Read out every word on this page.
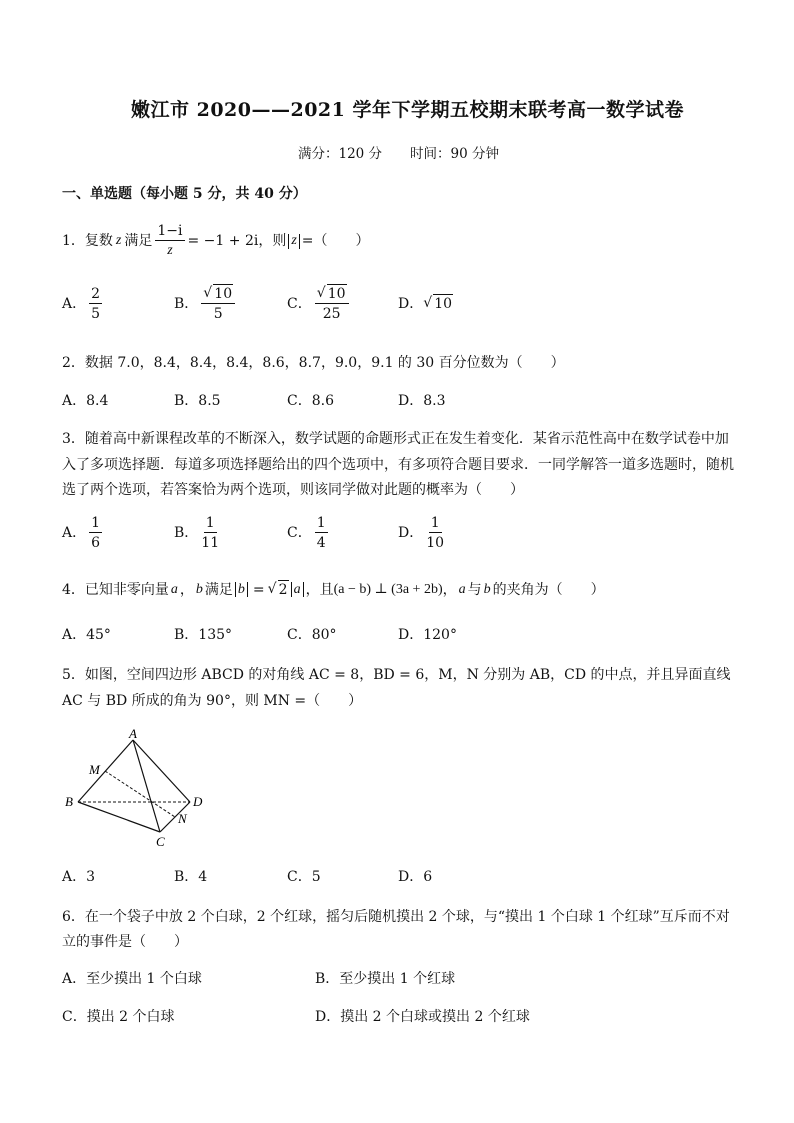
嫩江市 2020——2021 学年下学期五校期末联考高一数学试卷
满分：120 分 时间：90 分钟
一、单选题（每小题 5 分，共 40 分）
1．复数 z 满足 $\frac{1-i}{z} = -1 + 2i$，则 z =（　　）
A． $\frac{2}{5}$	B． $\frac{√ 10}{5}$	C． $\frac{√ 10}{25}$	D． √ 10
2．数据 7.0，8.4，8.4，8.4，8.6，8.7，9.0，9.1 的 30 百分位数为（　　）
A．8.4	B．8.5	C．8.6	D．8.3
3．随着高中新课程改革的不断深入，数学试题的命题形式正在发生着变化．某省示范性高中在数学试卷中加
入了多项选择题．每道多项选择题给出的四个选项中，有多项符合题目要求．一同学解答一道多选题时，随机
选了两个选项，若答案恰为两个选项，则该同学做对此题的概率为（　　）
A． $\frac{1}{6}$	B． $\frac{1}{11}$	C． $\frac{1}{4}$	D． $\frac{1}{10}$
4．已知非零向量 a ， b 满足 b = √ 2 a ，且 (a − b) ⊥ (3a + 2b) ， a 与 b 的夹角为（　　）
A．45°	B．135°	C．80°	D．120°
5．如图，空间四边形 ABCD 的对角线 AC = 8，BD = 6，M，N 分别为 AB，CD 的中点，并且异面直线
AC 与 BD 所成的角为 90°，则 MN =（　　）
A
B
C
D
M
N
A．3	B．4	C．5	D．6
6．在一个袋子中放 2 个白球，2 个红球，摇匀后随机摸出 2 个球，与“摸出 1 个白球 1 个红球”互斥而不对
立的事件是（　　）
A．至少摸出 1 个白球	B．至少摸出 1 个红球
C．摸出 2 个白球	D．摸出 2 个白球或摸出 2 个红球
